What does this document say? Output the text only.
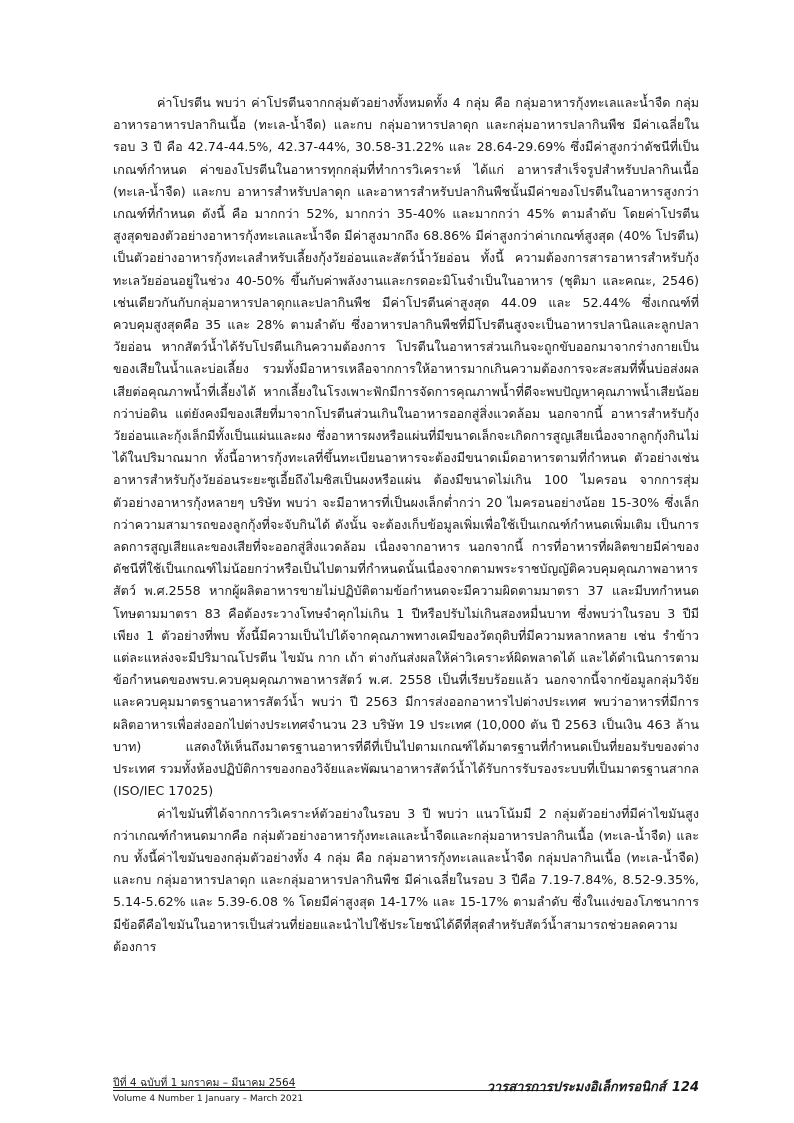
ค่าโปรตีน พบว่า ค่าโปรตีนจากกลุ่มตัวอย่างทั้งหมดทั้ง 4 กลุ่ม คือ กลุ่มอาหารกุ้งทะเลและน้ำจืด กลุ่มอาหารอาหารปลากินเนื้อ (ทะเล-น้ำจืด) และกบ กลุ่มอาหารปลาดุก และกลุ่มอาหารปลากินพืช มีค่าเฉลี่ยในรอบ 3 ปี คือ 42.74-44.5%, 42.37-44%, 30.58-31.22% และ 28.64-29.69% ซึ่งมีค่าสูงกว่าดัชนีที่เป็นเกณฑ์กำหนด ค่าของโปรตีนในอาหารทุกกลุ่มที่ทำการวิเคราะห์ ได้แก่ อาหารสำเร็จรูปสำหรับปลากินเนื้อ (ทะเล-น้ำจืด) และกบ อาหารสำหรับปลาดุก และอาหารสำหรับปลากินพืชนั้นมีค่าของโปรตีนในอาหารสูงกว่าเกณฑ์ที่กำหนด ดังนี้ คือ มากกว่า 52%, มากกว่า 35-40% และมากกว่า 45% ตามลำดับ โดยค่าโปรตีนสูงสุดของตัวอย่างอาหารกุ้งทะเลและน้ำจืด มีค่าสูงมากถึง 68.86% มีค่าสูงกว่าค่าเกณฑ์สูงสุด (40% โปรตีน) เป็นตัวอย่างอาหารกุ้งทะเลสำหรับเลี้ยงกุ้งวัยอ่อนและสัตว์น้ำวัยอ่อน ทั้งนี้ ความต้องการสารอาหารสำหรับกุ้งทะเลวัยอ่อนอยู่ในช่วง 40-50% ขึ้นกับค่าพลังงานและกรดอะมิโนจำเป็นในอาหาร (ชุติมา และคณะ, 2546) เช่นเดียวกันกับกลุ่มอาหารปลาดุกและปลากินพืช มีค่าโปรตีนค่าสูงสุด 44.09 และ 52.44% ซึ่งเกณฑ์ที่ควบคุมสูงสุดคือ 35 และ 28% ตามลำดับ ซึ่งอาหารปลากินพืชที่มีโปรตีนสูงจะเป็นอาหารปลานิลและลูกปลาวัยอ่อน หากสัตว์น้ำได้รับโปรตีนเกินความต้องการ โปรตีนในอาหารส่วนเกินจะถูกขับออกมาจากร่างกายเป็นของเสียในน้ำและบ่อเลี้ยง รวมทั้งมีอาหารเหลือจากการให้อาหารมากเกินความต้องการจะสะสมที่พื้นบ่อส่งผลเสียต่อคุณภาพน้ำที่เลี้ยงได้ หากเลี้ยงในโรงเพาะฟักมีการจัดการคุณภาพน้ำที่ดีจะพบปัญหาคุณภาพน้ำเสียน้อยกว่าบ่อดิน แต่ยังคงมีของเสียที่มาจากโปรตีนส่วนเกินในอาหารออกสู่สิ่งแวดล้อม นอกจากนี้ อาหารสำหรับกุ้งวัยอ่อนและกุ้งเล็กมีทั้งเป็นแผ่นและผง ซึ่งอาหารผงหรือแผ่นที่มีขนาดเล็กจะเกิดการสูญเสียเนื่องจากลูกกุ้งกินไม่ได้ในปริมาณมาก ทั้งนี้อาหารกุ้งทะเลที่ขึ้นทะเบียนอาหารจะต้องมีขนาดเม็ดอาหารตามที่กำหนด ตัวอย่างเช่น อาหารสำหรับกุ้งวัยอ่อนระยะซูเอี้ยถึงไมซิสเป็นผงหรือแผ่น ต้องมีขนาดไม่เกิน 100 ไมครอน จากการสุ่มตัวอย่างอาหารกุ้งหลายๆ บริษัท พบว่า จะมีอาหารที่เป็นผงเล็กต่ำกว่า 20 ไมครอนอย่างน้อย 15-30% ซึ่งเล็กกว่าความสามารถของลูกกุ้งที่จะจับกินได้ ดังนั้น จะต้องเก็บข้อมูลเพิ่มเพื่อใช้เป็นเกณฑ์กำหนดเพิ่มเติม เป็นการลดการสูญเสียและของเสียที่จะออกสู่สิ่งแวดล้อม เนื่องจากอาหาร นอกจากนี้ การที่อาหารที่ผลิตขายมีค่าของดัชนีที่ใช้เป็นเกณฑ์ไม่น้อยกว่าหรือเป็นไปตามที่กำหนดนั้นเนื่องจากตามพระราชบัญญัติควบคุมคุณภาพอาหารสัตว์ พ.ศ.2558 หากผู้ผลิตอาหารขายไม่ปฏิบัติตามข้อกำหนดจะมีความผิดตามมาตรา 37 และมีบทกำหนดโทษตามมาตรา 83 คือต้องระวางโทษจำคุกไม่เกิน 1 ปีหรือปรับไม่เกินสองหมื่นบาท ซึ่งพบว่าในรอบ 3 ปีมีเพียง 1 ตัวอย่างที่พบ ทั้งนี้มีความเป็นไปได้จากคุณภาพทางเคมีของวัตถุดิบที่มีความหลากหลาย เช่น รำข้าวแต่ละแหล่งจะมีปริมาณโปรตีน ไขมัน กาก เถ้า ต่างกันส่งผลให้ค่าวิเคราะห์ผิดพลาดได้ และได้ดำเนินการตามข้อกำหนดของพรบ.ควบคุมคุณภาพอาหารสัตว์ พ.ศ. 2558 เป็นที่เรียบร้อยแล้ว นอกจากนี้จากข้อมูลกลุ่มวิจัยและควบคุมมาตรฐานอาหารสัตว์น้ำ พบว่า ปี 2563 มีการส่งออกอาหารไปต่างประเทศ พบว่าอาหารที่มีการผลิตอาหารเพื่อส่งออกไปต่างประเทศจำนวน 23 บริษัท 19 ประเทศ (10,000 ตัน ปี 2563 เป็นเงิน 463 ล้านบาท) แสดงให้เห็นถึงมาตรฐานอาหารที่ดีที่เป็นไปตามเกณฑ์ได้มาตรฐานที่กำหนดเป็นที่ยอมรับของต่างประเทศ รวมทั้งห้องปฏิบัติการของกองวิจัยและพัฒนาอาหารสัตว์น้ำได้รับการรับรองระบบที่เป็นมาตรฐานสากล (ISO/IEC 17025)

ค่าไขมันที่ได้จากการวิเคราะห์ตัวอย่างในรอบ 3 ปี พบว่า แนวโน้มมี 2 กลุ่มตัวอย่างที่มีค่าไขมันสูงกว่าเกณฑ์กำหนดมากคือ กลุ่มตัวอย่างอาหารกุ้งทะเลและน้ำจืดและกลุ่มอาหารปลากินเนื้อ (ทะเล-น้ำจืด) และกบ ทั้งนี้ค่าไขมันของกลุ่มตัวอย่างทั้ง 4 กลุ่ม คือ กลุ่มอาหารกุ้งทะเลและน้ำจืด กลุ่มปลากินเนื้อ (ทะเล-น้ำจืด) และกบ กลุ่มอาหารปลาดุก และกลุ่มอาหารปลากินพืช มีค่าเฉลี่ยในรอบ 3 ปีคือ 7.19-7.84%, 8.52-9.35%, 5.14-5.62% และ 5.39-6.08 % โดยมีค่าสูงสุด 14-17% และ 15-17% ตามลำดับ ซึ่งในแง่ของโภชนาการมีข้อดีคือไขมันในอาหารเป็นส่วนที่ย่อยและนำไปใช้ประโยชน์ได้ดีที่สุดสำหรับสัตว์น้ำสามารถช่วยลดความต้องการ

ปีที่ 4 ฉบับที่ 1 มกราคม – มีนาคม 2564
Volume 4 Number 1 January – March 2021
วารสารการประมงอิเล็กทรอนิกส์ 124
